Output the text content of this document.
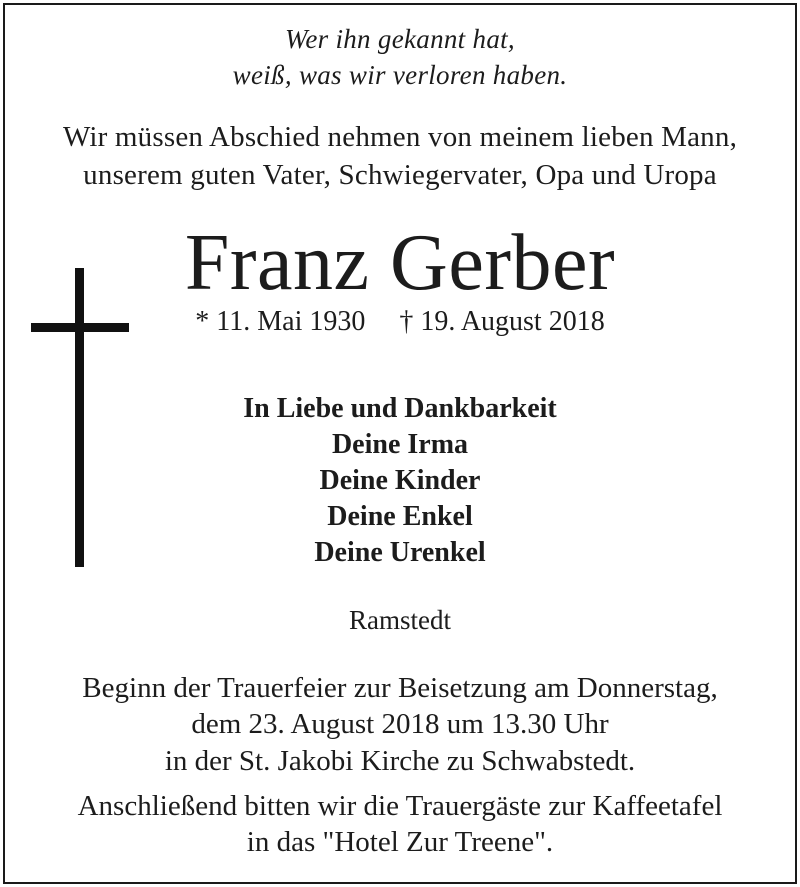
Wer ihn gekannt hat,
weiß, was wir verloren haben.
Wir müssen Abschied nehmen von meinem lieben Mann,
unserem guten Vater, Schwiegervater, Opa und Uropa
Franz Gerber
* 11. Mai 1930 † 19. August 2018
In Liebe und Dankbarkeit
Deine Irma
Deine Kinder
Deine Enkel
Deine Urenkel
Ramstedt
Beginn der Trauerfeier zur Beisetzung am Donnerstag,
dem 23. August 2018 um 13.30 Uhr
in der St. Jakobi Kirche zu Schwabstedt.
Anschließend bitten wir die Trauergäste zur Kaffeetafel
in das "Hotel Zur Treene".
